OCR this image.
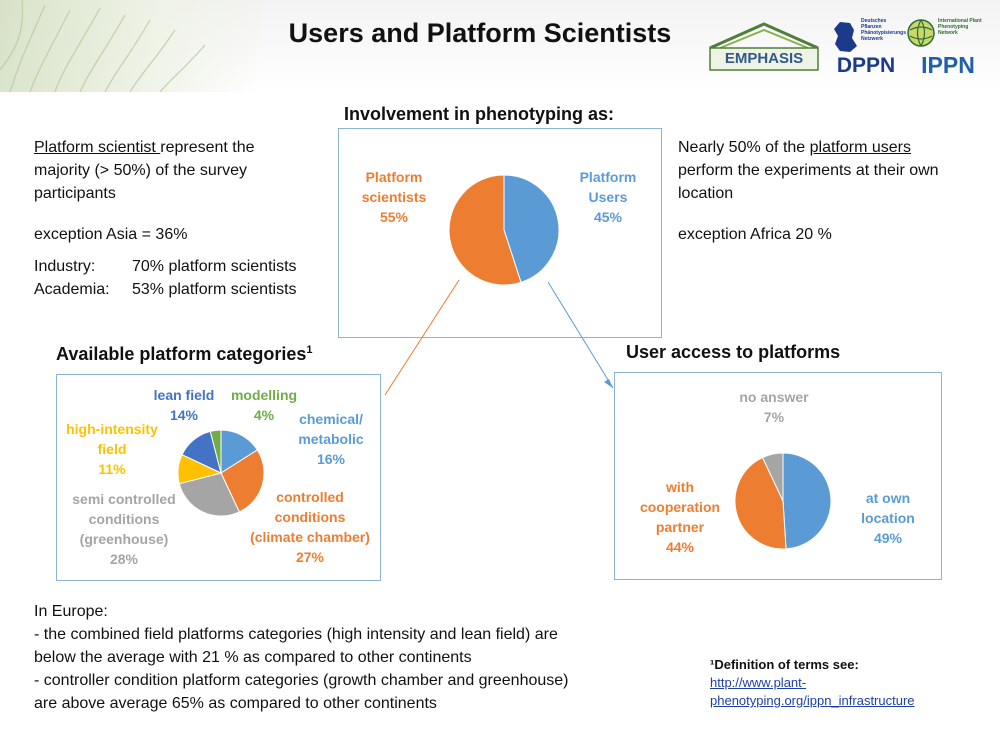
Users and Platform Scientists
EMPHASIS
Deutsches Pflanzen Phänotypisierungs Netzwerk
DPPN
International Plant Phenotyping Network
IPPN
Platform scientist represent the
majority (> 50%) of the survey
participants
exception Asia = 36%
Industry: 70% platform scientists
Academia: 53% platform scientists
Nearly 50% of the platform users
perform the experiments at their own
location
exception Africa 20 %
Involvement in phenotyping as:
Platform
scientists
55%
Platform
Users
45%
Available platform categories$^1$
lean field
14%
modelling
4%	chemical/
metabolic
16%
high-intensity
field
11%
semi controlled
conditions
(greenhouse)
28%
controlled
conditions
(climate chamber)
27%
User access to platforms
no answer
7%
with
cooperation
partner
44%
at own
location
49%
In Europe:
- the combined field platforms categories (high intensity and lean field) are
below the average with 21 % as compared to other continents
- controller condition platform categories (growth chamber and greenhouse)
are above average 65% as compared to other continents
¹Definition of terms see:
http://www.plant-
phenotyping.org/ippn_infrastructure
